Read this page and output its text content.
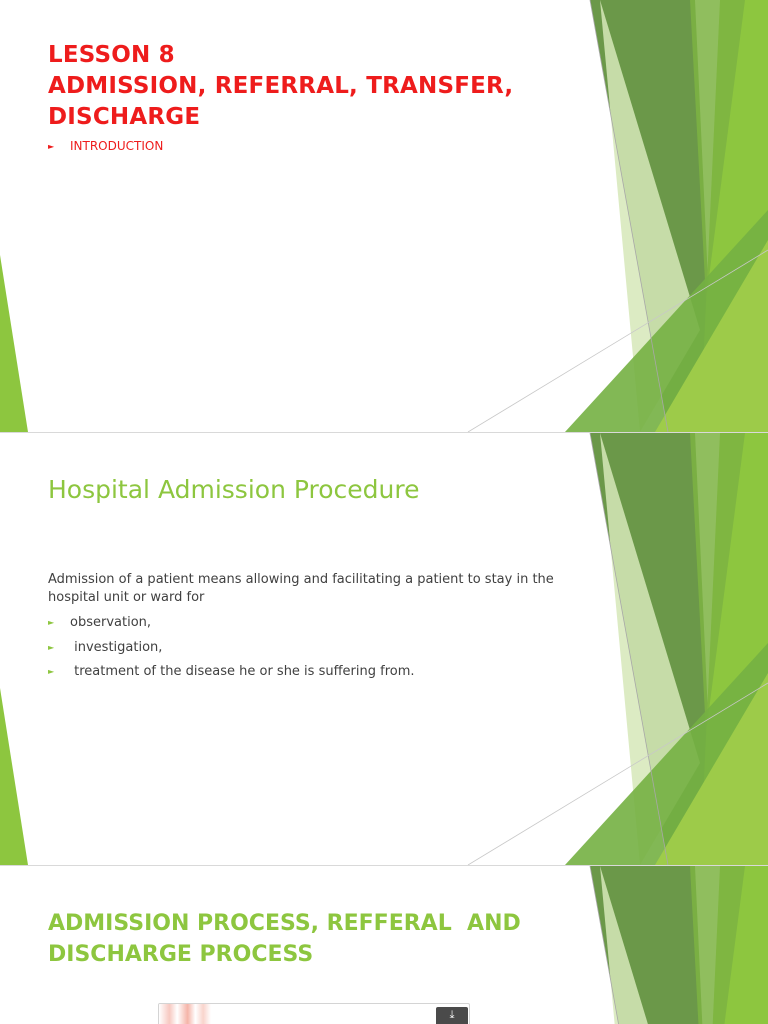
LESSON 8
ADMISSION, REFERRAL, TRANSFER,
DISCHARGE
►	INTRODUCTION
Hospital Admission Procedure

Admission of a patient means allowing and facilitating a patient to stay in the hospital unit or ward for

►	observation,
►	investigation,
►	treatment of the disease he or she is suffering from.
ADMISSION PROCESS, REFFERAL  AND
DISCHARGE PROCESS
⤓
